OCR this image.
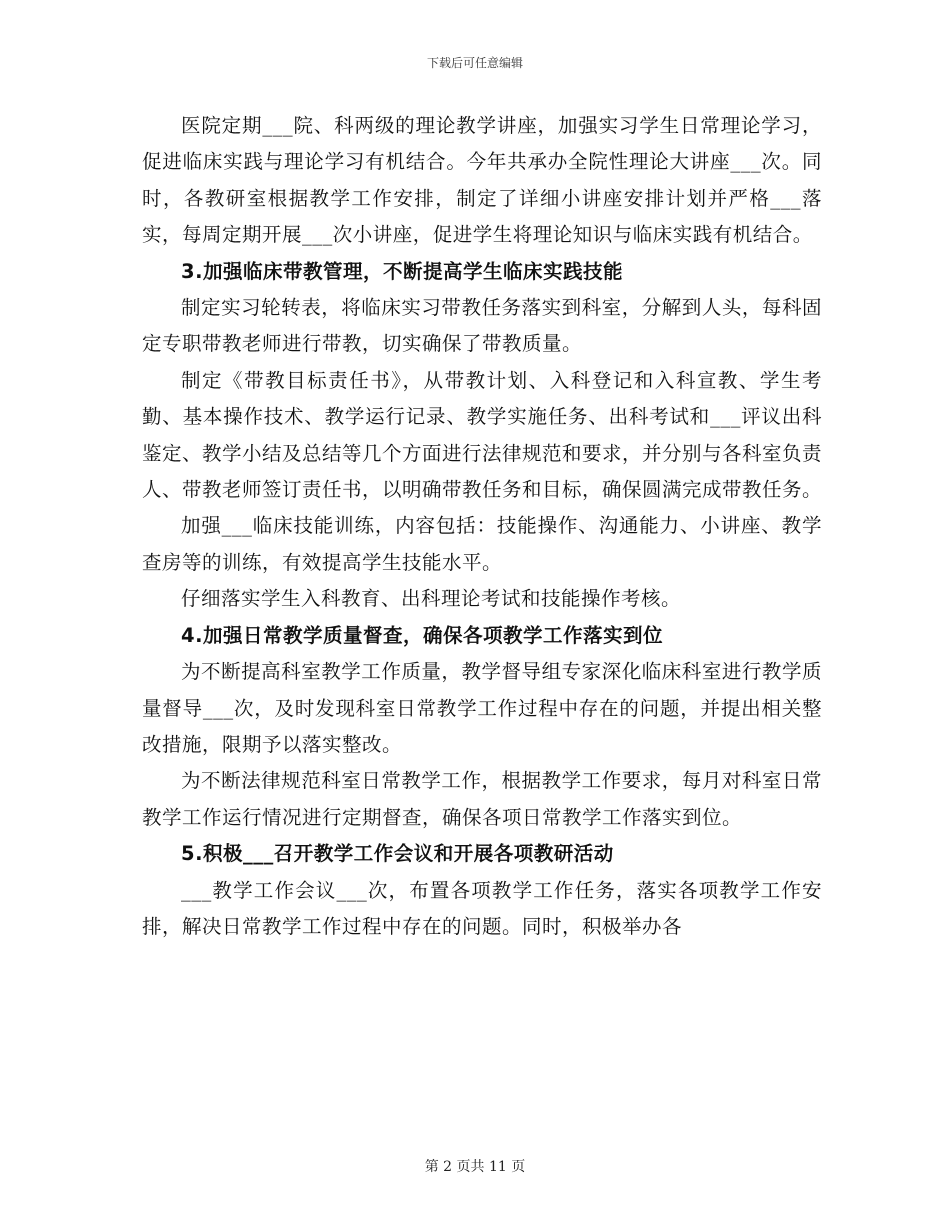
下载后可任意编辑

医院定期___院、科两级的理论教学讲座，加强实习学生日常理论学习，促进临床实践与理论学习有机结合。今年共承办全院性理论大讲座___次。同时，各教研室根据教学工作安排，制定了详细小讲座安排计划并严格___落实，每周定期开展___次小讲座，促进学生将理论知识与临床实践有机结合。

3.加强临床带教管理，不断提高学生临床实践技能

制定实习轮转表，将临床实习带教任务落实到科室，分解到人头，每科固定专职带教老师进行带教，切实确保了带教质量。

制定《带教目标责任书》，从带教计划、入科登记和入科宣教、学生考勤、基本操作技术、教学运行记录、教学实施任务、出科考试和___评议出科鉴定、教学小结及总结等几个方面进行法律规范和要求，并分别与各科室负责人、带教老师签订责任书，以明确带教任务和目标，确保圆满完成带教任务。

加强___临床技能训练，内容包括：技能操作、沟通能力、小讲座、教学查房等的训练，有效提高学生技能水平。

仔细落实学生入科教育、出科理论考试和技能操作考核。

4.加强日常教学质量督查，确保各项教学工作落实到位

为不断提高科室教学工作质量，教学督导组专家深化临床科室进行教学质量督导___次，及时发现科室日常教学工作过程中存在的问题，并提出相关整改措施，限期予以落实整改。

为不断法律规范科室日常教学工作，根据教学工作要求，每月对科室日常教学工作运行情况进行定期督查，确保各项日常教学工作落实到位。

5.积极___召开教学工作会议和开展各项教研活动

___教学工作会议___次，布置各项教学工作任务，落实各项教学工作安排，解决日常教学工作过程中存在的问题。同时，积极举办各

第 2 页共 11 页
